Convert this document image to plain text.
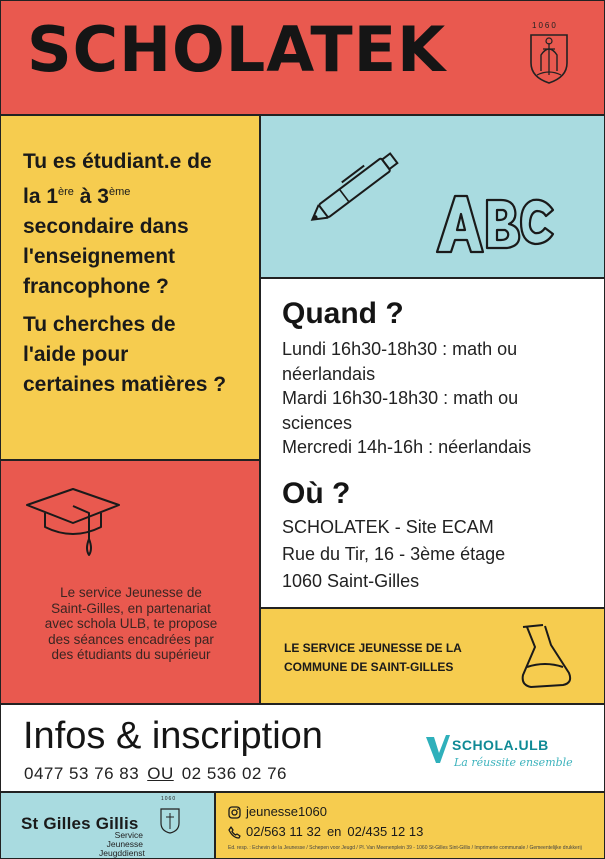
SCHOLATEK	1060

Tu es étudiant.e de

la 1ère à 3ème

secondaire dans

l'enseignement

francophone ?

Tu cherches de

l'aide pour

certaines matières ?

Quand ?
Lundi 16h30-18h30 : math ou
néerlandais
Mardi 16h30-18h30 : math ou
sciences
Mercredi 14h-16h : néerlandais
Où ?
SCHOLATEK - Site ECAM
Rue du Tir, 16 - 3ème étage
1060 Saint-Gilles
Le service Jeunesse de
Saint-Gilles, en partenariat
avec schola ULB, te propose
des séances encadrées par
des étudiants du supérieur	LE SERVICE JEUNESSE DE LA
COMMUNE DE SAINT-GILLES
Infos & inscription
0477 53 76 83 OU 02 536 02 76
SCHOLA.ULB
La réussite ensemble
St Gilles Gillis
Service Jeunesse
Jeugddienst
1060
jeunesse1060
02/563 11 32 en 02/435 12 13
Ed. resp. : Echevin de la Jeunesse / Schepen voor Jeugd / Pl. Van Meenenplein 39 - 1060 St-Gilles Sint-Gillis / Imprimerie communale / Gemeentelijke drukkerij
